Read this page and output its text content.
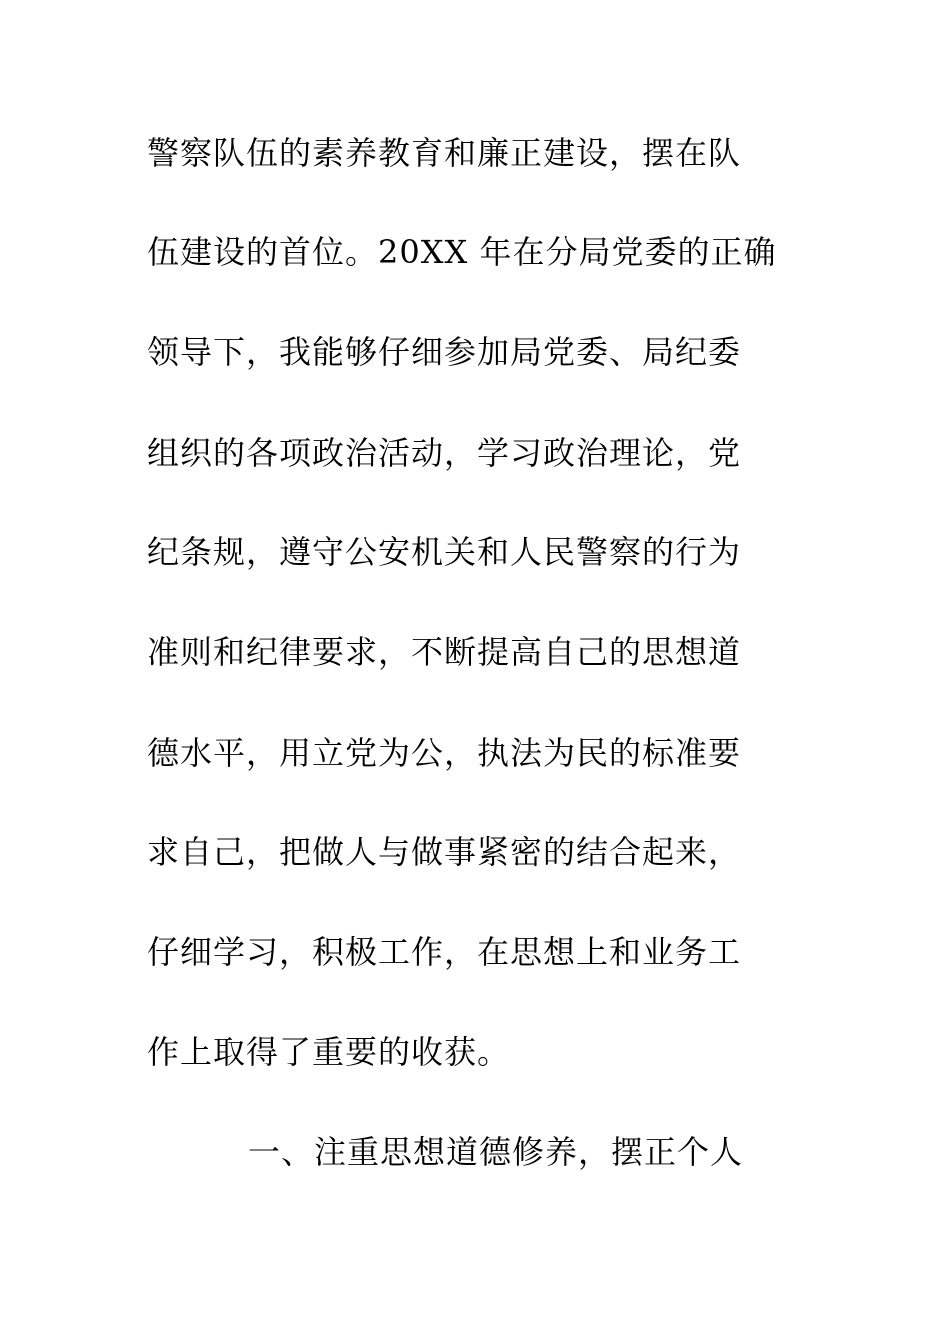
警察队伍的素养教育和廉正建设，摆在队
伍建设的首位。20XX 年在分局党委的正确
领导下，我能够仔细参加局党委、局纪委
组织的各项政治活动，学习政治理论，党
纪条规，遵守公安机关和人民警察的行为
准则和纪律要求，不断提高自己的思想道
德水平，用立党为公，执法为民的标准要
求自己，把做人与做事紧密的结合起来，
仔细学习，积极工作，在思想上和业务工
作上取得了重要的收获。
一、注重思想道德修养，摆正个人
